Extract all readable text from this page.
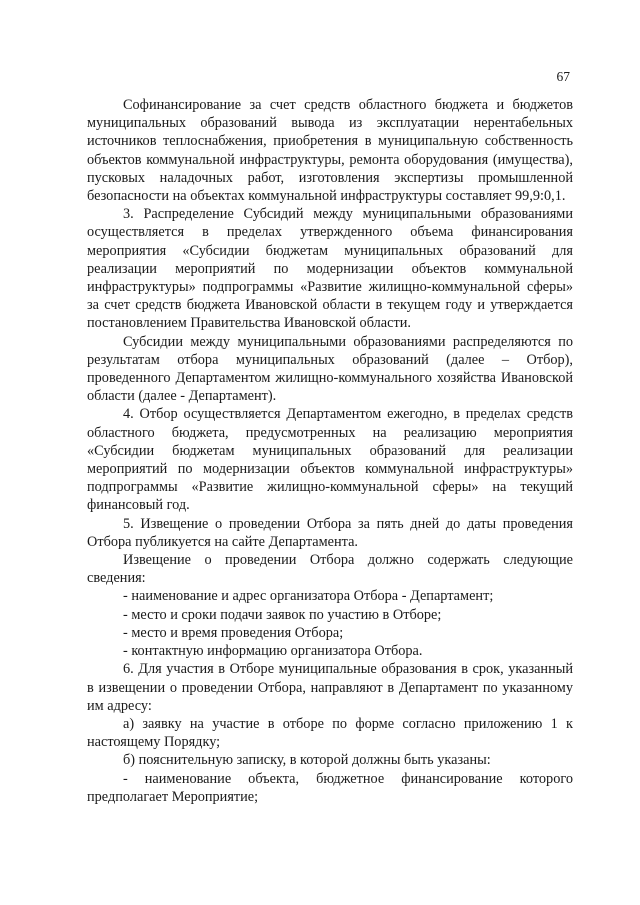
67

Софинансирование за счет средств областного бюджета и бюджетов муниципальных образований вывода из эксплуатации нерентабельных источников теплоснабжения, приобретения в муниципальную собственность объектов коммунальной инфраструктуры, ремонта оборудования (имущества), пусковых наладочных работ, изготовления экспертизы промышленной безопасности на объектах коммунальной инфраструктуры составляет 99,9:0,1.

3. Распределение Субсидий между муниципальными образованиями осуществляется в пределах утвержденного объема финансирования мероприятия «Субсидии бюджетам муниципальных образований для реализации мероприятий по модернизации объектов коммунальной инфраструктуры» подпрограммы «Развитие жилищно-коммунальной сферы» за счет средств бюджета Ивановской области в текущем году и утверждается постановлением Правительства Ивановской области.

Субсидии между муниципальными образованиями распределяются по результатам отбора муниципальных образований (далее – Отбор), проведенного Департаментом жилищно-коммунального хозяйства Ивановской области (далее - Департамент).

4. Отбор осуществляется Департаментом ежегодно, в пределах средств областного бюджета, предусмотренных на реализацию мероприятия «Субсидии бюджетам муниципальных образований для реализации мероприятий по модернизации объектов коммунальной инфраструктуры» подпрограммы «Развитие жилищно-коммунальной сферы» на текущий финансовый год.

5. Извещение о проведении Отбора за пять дней до даты проведения Отбора публикуется на сайте Департамента.

Извещение о проведении Отбора должно содержать следующие сведения:

- наименование и адрес организатора Отбора - Департамент;

- место и сроки подачи заявок по участию в Отборе;

- место и время проведения Отбора;

- контактную информацию организатора Отбора.

6. Для участия в Отборе муниципальные образования в срок, указанный в извещении о проведении Отбора, направляют в Департамент по указанному им адресу:

а) заявку на участие в отборе по форме согласно приложению 1 к настоящему Порядку;

б) пояснительную записку, в которой должны быть указаны:

- наименование объекта, бюджетное финансирование которого предполагает Мероприятие;
